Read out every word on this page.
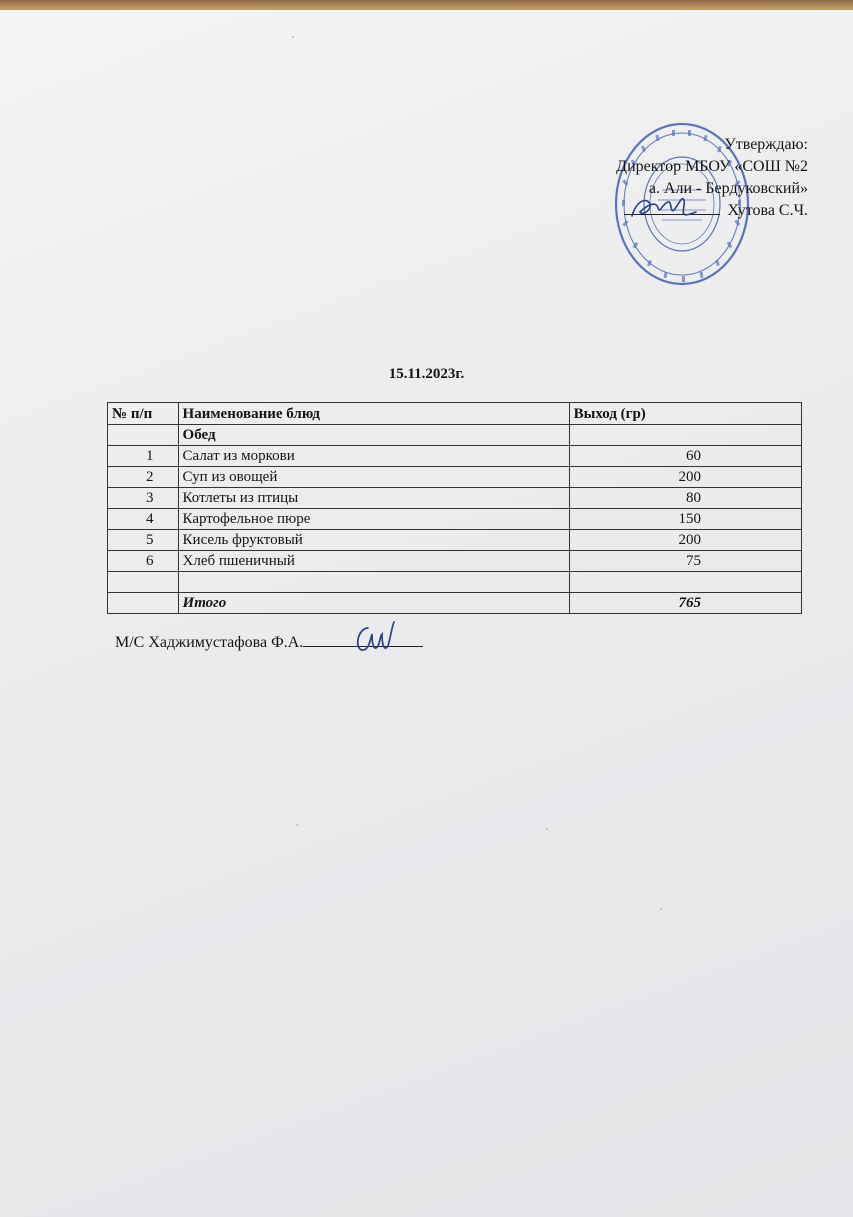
Утверждаю:
Директор МБОУ «СОШ №2
а. Али - Бердуковский»
Хутова С.Ч.
15.11.2023г.
№ п/п	Наименование блюд	Выход (гр)
	Обед	
1	Салат из моркови	60
2	Суп из овощей	200
3	Котлеты из птицы	80
4	Картофельное пюре	150
5	Кисель фруктовый	200
6	Хлеб пшеничный	75

	Итого	765
М/С Хаджимустафова Ф.А.
